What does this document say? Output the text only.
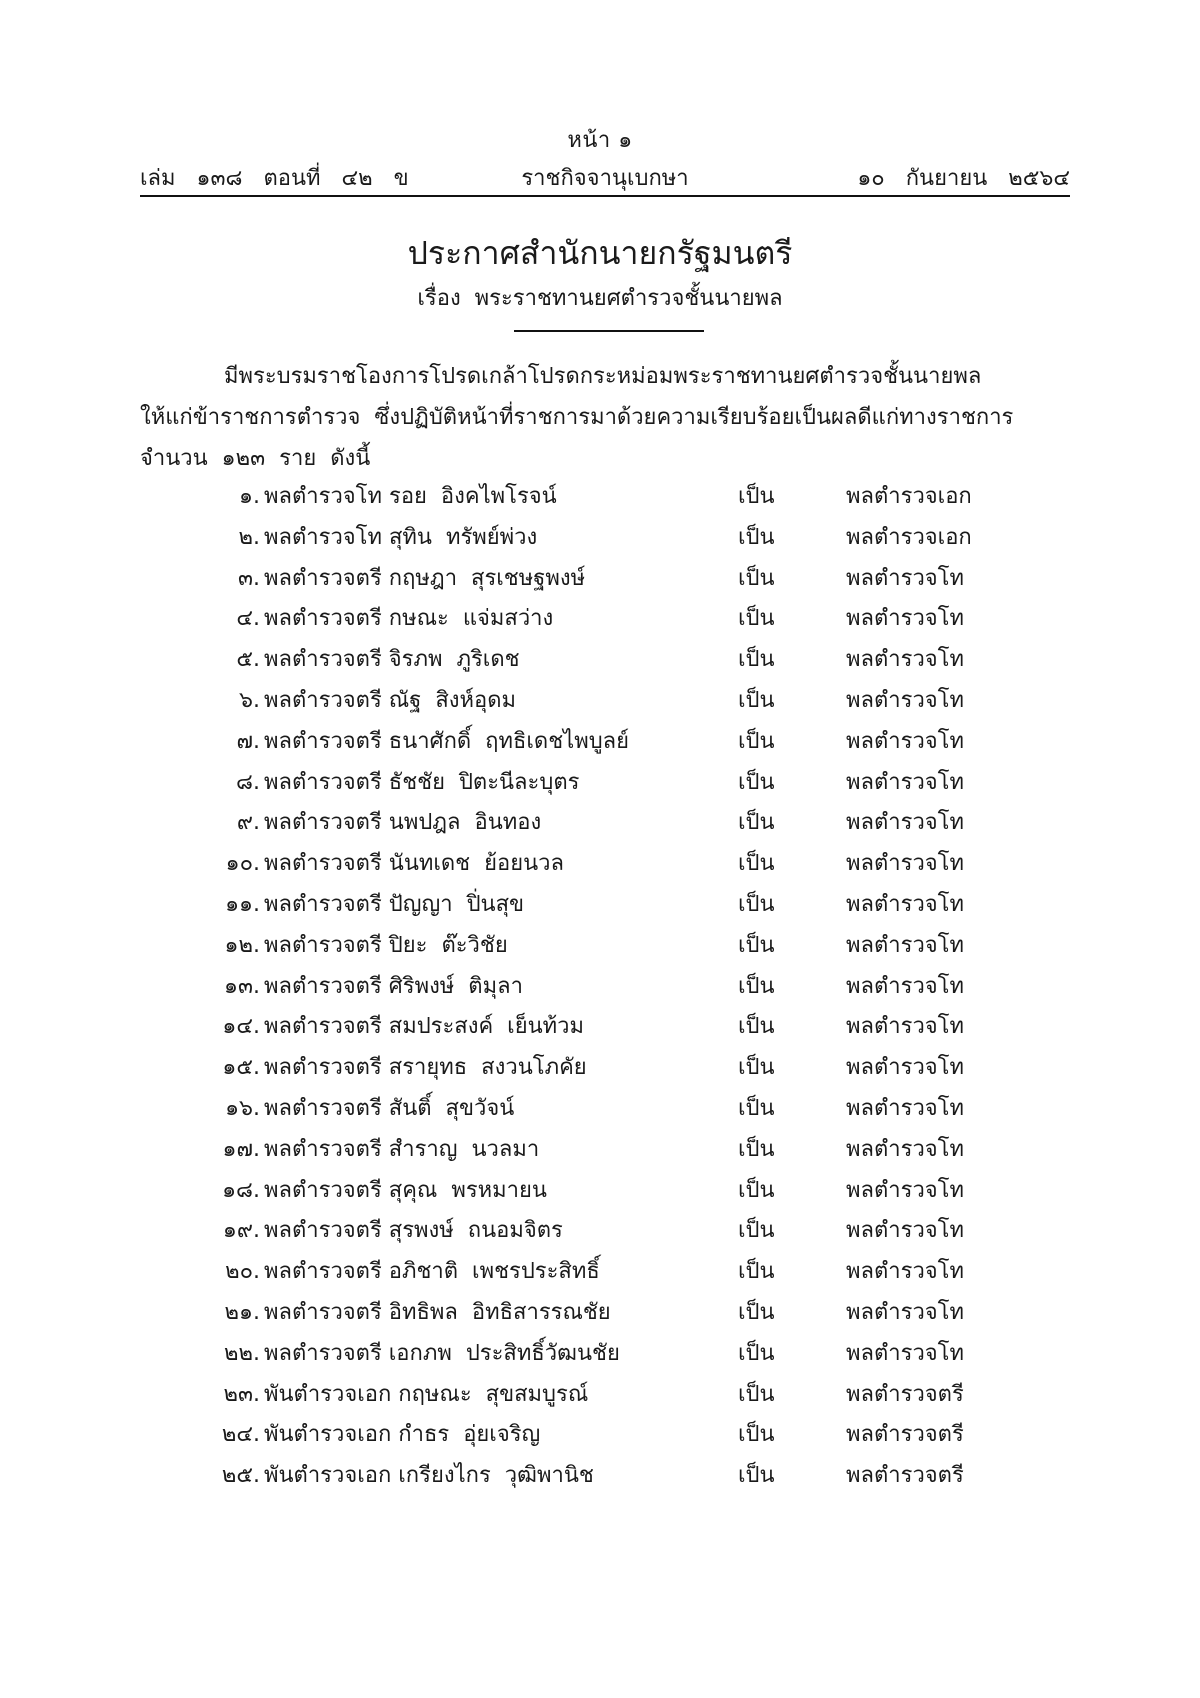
หน้า ๑
เล่ม   ๑๓๘   ตอนที่   ๔๒   ข	ราชกิจจานุเบกษา	๑๐   กันยายน   ๒๕๖๔
ประกาศสำนักนายกรัฐมนตรี
เรื่อง  พระราชทานยศตำรวจชั้นนายพล
มีพระบรมราชโองการโปรดเกล้าโปรดกระหม่อมพระราชทานยศตำรวจชั้นนายพล
ให้แก่ข้าราชการตำรวจ  ซึ่งปฏิบัติหน้าที่ราชการมาด้วยความเรียบร้อยเป็นผลดีแก่ทางราชการ
จำนวน  ๑๒๓  ราย  ดังนี้
๑. พลตำรวจโท รอย  อิงคไพโรจน์	เป็น	พลตำรวจเอก
๒. พลตำรวจโท สุทิน  ทรัพย์พ่วง	เป็น	พลตำรวจเอก
๓. พลตำรวจตรี กฤษฎา  สุรเชษฐพงษ์	เป็น	พลตำรวจโท
๔. พลตำรวจตรี กษณะ  แจ่มสว่าง	เป็น	พลตำรวจโท
๕. พลตำรวจตรี จิรภพ  ภูริเดช	เป็น	พลตำรวจโท
๖. พลตำรวจตรี ณัฐ  สิงห์อุดม	เป็น	พลตำรวจโท
๗. พลตำรวจตรี ธนาศักดิ์  ฤทธิเดชไพบูลย์	เป็น	พลตำรวจโท
๘. พลตำรวจตรี ธัชชัย  ปิตะนีละบุตร	เป็น	พลตำรวจโท
๙. พลตำรวจตรี นพปฎล  อินทอง	เป็น	พลตำรวจโท
๑๐. พลตำรวจตรี นันทเดช  ย้อยนวล	เป็น	พลตำรวจโท
๑๑. พลตำรวจตรี ปัญญา  ปิ่นสุข	เป็น	พลตำรวจโท
๑๒. พลตำรวจตรี ปิยะ  ต๊ะวิชัย	เป็น	พลตำรวจโท
๑๓. พลตำรวจตรี ศิริพงษ์  ติมุลา	เป็น	พลตำรวจโท
๑๔. พลตำรวจตรี สมประสงค์  เย็นท้วม	เป็น	พลตำรวจโท
๑๕. พลตำรวจตรี สรายุทธ  สงวนโภคัย	เป็น	พลตำรวจโท
๑๖. พลตำรวจตรี สันติ์  สุขวัจน์	เป็น	พลตำรวจโท
๑๗. พลตำรวจตรี สำราญ  นวลมา	เป็น	พลตำรวจโท
๑๘. พลตำรวจตรี สุคุณ  พรหมายน	เป็น	พลตำรวจโท
๑๙. พลตำรวจตรี สุรพงษ์  ถนอมจิตร	เป็น	พลตำรวจโท
๒๐. พลตำรวจตรี อภิชาติ  เพชรประสิทธิ์	เป็น	พลตำรวจโท
๒๑. พลตำรวจตรี อิทธิพล  อิทธิสารรณชัย	เป็น	พลตำรวจโท
๒๒. พลตำรวจตรี เอกภพ  ประสิทธิ์วัฒนชัย	เป็น	พลตำรวจโท
๒๓. พันตำรวจเอก กฤษณะ  สุขสมบูรณ์	เป็น	พลตำรวจตรี
๒๔. พันตำรวจเอก กำธร  อุ่ยเจริญ	เป็น	พลตำรวจตรี
๒๕. พันตำรวจเอก เกรียงไกร  วุฒิพานิช	เป็น	พลตำรวจตรี
